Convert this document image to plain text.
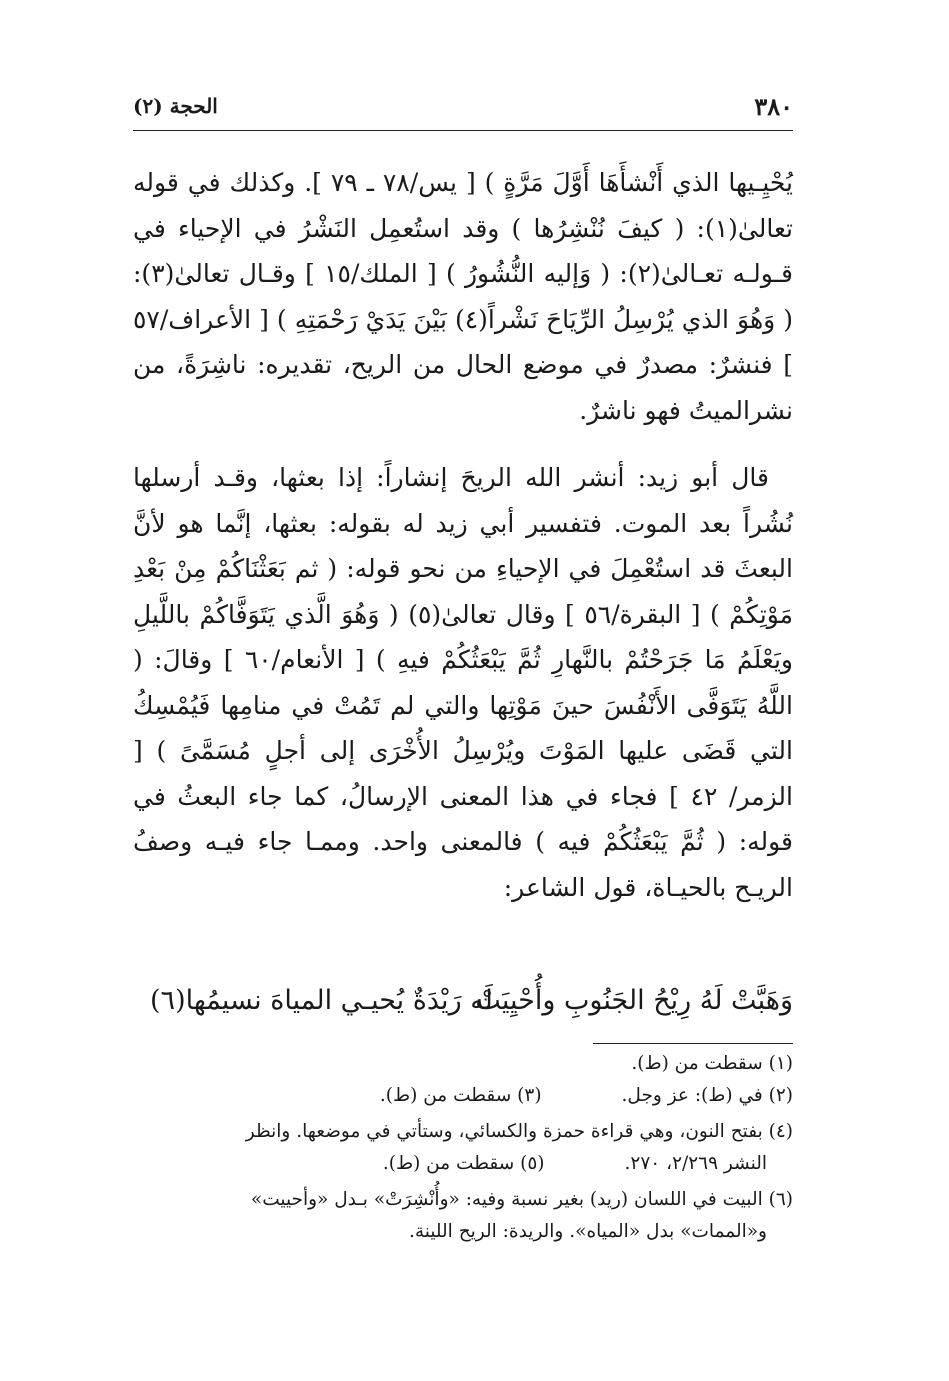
٣٨٠
الحجة (٢)

يُحْيِـيها الذي أَنْشأَهَا أَوَّلَ مَرَّةٍ ) [ يس/٧٨ ـ ٧٩ ]. وكذلك في قوله تعالىٰ(١): ( كيفَ نُنْشِرُها ) وقد استُعمِل النَشْرُ في الإحياء في قـولـه تعـالىٰ(٢): ( وَإليه النُّشُورُ ) [ الملك/١٥ ] وقـال تعالىٰ(٣): ( وَهُوَ الذي يُرْسِلُ الرِّيَاحَ نَشْراً(٤) بَيْنَ يَدَيْ رَحْمَتِهِ ) [ الأعراف/٥٧ ] فنشرٌ: مصدرٌ في موضع الحال من الريح، تقديره: ناشِرَةً، من نشرالميتُ فهو ناشرٌ.

قال أبو زيد: أنشر الله الريحَ إنشاراً: إذا بعثها، وقـد أرسلها نُشُراً بعد الموت. فتفسير أبي زيد له بقوله: بعثها، إنَّما هو لأنَّ البعثَ قد استُعْمِلَ في الإحياءِ من نحو قوله: ( ثم بَعَثْنَاكُمْ مِنْ بَعْدِ مَوْتِكُمْ ) [ البقرة/٥٦ ] وقال تعالىٰ(٥) ( وَهُوَ الَّذي يَتَوَفَّاكُمْ باللَّيلِ ويَعْلَمُ مَا جَرَحْتُمْ بالنَّهارِ ثُمَّ يَبْعَثُكُمْ فيهِ ) [ الأنعام/٦٠ ] وقالَ: ( اللَّهُ يَتَوَفَّى الأَنْفُسَ حينَ مَوْتِها والتي لم تَمُتْ في منامِها فَيُمْسِكُ التي قَضَى عليها المَوْتَ ويُرْسِلُ الأُخْرَى إلى أجلٍ مُسَمَّىً ) [ الزمر/ ٤٢ ] فجاء في هذا المعنى الإرسالُ، كما جاء البعثُ في قوله: ( ثُمَّ يَبْعَثُكُمْ فيه ) فالمعنى واحد. وممـا جاء فيـه وصفُ الريـح بالحيـاة، قول الشاعر:

وَهَبَّتْ لَهُ رِيْحُ الجَنُوبِ وأُحْيِيَتْ
لَه رَيْدَةٌ يُحيـي المياهَ نسيمُها(٦)

(١) سقطت من (ط).

(٢) في (ط): عز وجل.
(٣) سقطت من (ط).

(٤) بفتح النون، وهي قراءة حمزة والكسائي، وستأتي في موضعها. وانظر

النشر ٢/٢٦٩، ٢٧٠.
(٥) سقطت من (ط).

(٦) البيت في اللسان (ريد) بغير نسبة وفيه: «وأُنْشِرَتْ» بـدل «وأحييت»

و«الممات» بدل «المياه». والريدة: الريح اللينة.
